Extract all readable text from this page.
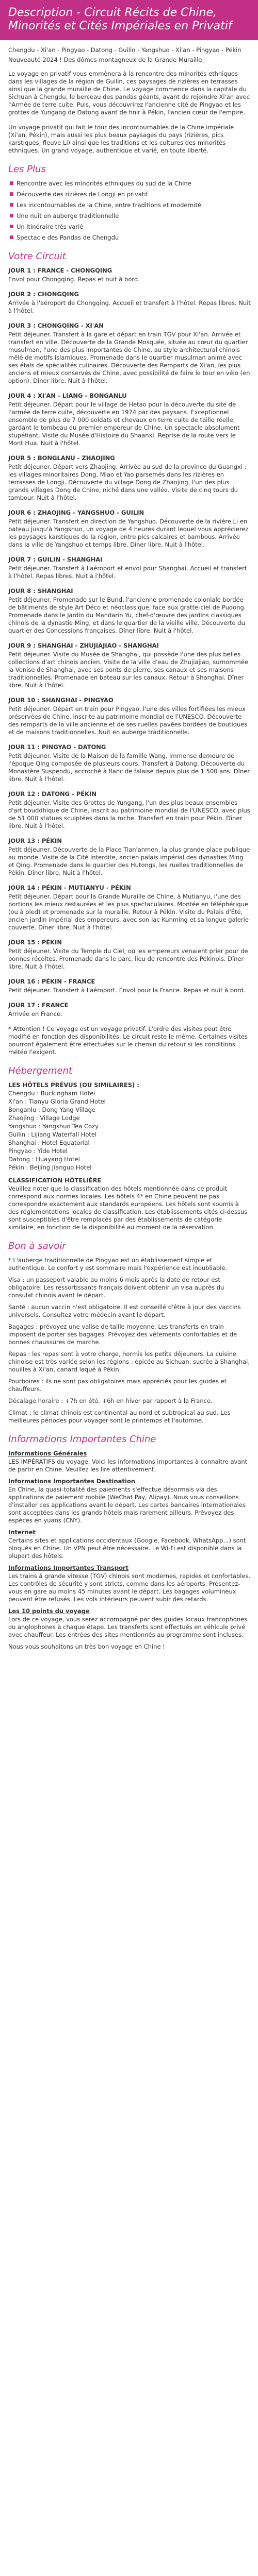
Description - Circuit Récits de Chine, Minorités et Cités Impériales en Privatif
Chengdu - Xi'an - Pingyao - Datong - Guilin - Yangshuo - Xi'an - Pingyao - Pékin
Nouveauté 2024 ! Des dômes montagneux de la Grande Muraille.

Le voyage en privatif vous emmènera à la rencontre des minorités ethniques dans les villages de la région de Guilin, ces paysages de rizières en terrasses ainsi que la grande muraille de Chine. Le voyage commence dans la capitale du Sichuan à Chengdu, le berceau des pandas géants, avant de rejoindre Xi'an avec l'Armée de terre cuite. Puis, vous découvrirez l'ancienne cité de Pingyao et les grottes de Yungang de Datong avant de finir à Pékin, l'ancien cœur de l'empire.

Un voyage privatif qui fait le tour des incontournables de la Chine impériale (Xi'an, Pékin), mais aussi les plus beaux paysages du pays (rizières, pics karstiques, fleuve Li) ainsi que les traditions et les cultures des minorités ethniques. Un grand voyage, authentique et varié, en toute liberté.

Les Plus
■ Rencontre avec les minorités ethniques du sud de la Chine
■ Découverte des rizières de Longji en privatif
■ Les incontournables de la Chine, entre traditions et modernité
■ Une nuit en auberge traditionnelle
■ Un itinéraire très varié
■ Spectacle des Pandas de Chengdu
Votre Circuit
JOUR 1 : FRANCE - CHONGQING

Envol pour Chongqing. Repas et nuit à bord.

JOUR 2 : CHONGQING

Arrivée à l'aéroport de Chongqing. Accueil et transfert à l'hôtel. Repas libres. Nuit à l'hôtel.

JOUR 3 : CHONGQING - XI'AN

Petit déjeuner. Transfert à la gare et départ en train TGV pour Xi'an. Arrivée et transfert en ville. Découverte de la Grande Mosquée, située au cœur du quartier musulman, l'une des plus importantes de Chine, au style architectural chinois mêlé de motifs islamiques. Promenade dans le quartier musulman animé avec ses étals de spécialités culinaires. Découverte des Remparts de Xi'an, les plus anciens et mieux conservés de Chine, avec possibilité de faire le tour en vélo (en option). Dîner libre. Nuit à l'hôtel.

JOUR 4 : XI'AN - LIANG - BONGANLU

Petit déjeuner. Départ pour le village de Hetao pour la découverte du site de l'armée de terre cuite, découverte en 1974 par des paysans. Exceptionnel ensemble de plus de 7 000 soldats et chevaux en terre cuite de taille réelle, gardant le tombeau du premier empereur de Chine. Un spectacle absolument stupéfiant. Visite du Musée d'Histoire du Shaanxi. Reprise de la route vers le Mont Hua. Nuit à l'hôtel.

JOUR 5 : BONGLANU - ZHAOJING

Petit déjeuner. Départ vers Zhaojing. Arrivée au sud de la province du Guangxi : les villages minoritaires Dong, Miao et Yao parsemés dans les rizières en terrasses de Longji. Découverte du village Dong de Zhaojing, l'un des plus grands villages Dong de Chine, niché dans une vallée. Visite de cinq tours du tambour. Nuit à l'hôtel.

JOUR 6 : ZHAOJING - YANGSHUO - GUILIN

Petit déjeuner. Transfert en direction de Yangshuo. Découverte de la rivière Li en bateau jusqu'à Yangshuo, un voyage de 4 heures durant lequel vous apprécierez les paysages karstiques de la région, entre pics calcaires et bambous. Arrivée dans la ville de Yangshuo et temps libre. Dîner libre. Nuit à l'hôtel.

JOUR 7 : GUILIN - SHANGHAI

Petit déjeuner. Transfert à l'aéroport et envol pour Shanghai. Accueil et transfert à l'hôtel. Repas libres. Nuit à l'hôtel.

JOUR 8 : SHANGHAI

Petit déjeuner. Promenade sur le Bund, l'ancienne promenade coloniale bordée de bâtiments de style Art Déco et néoclassique, face aux gratte-ciel de Pudong. Promenade dans le Jardin du Mandarin Yu, chef-d'œuvre des jardins classiques chinois de la dynastie Ming, et dans le quartier de la vieille ville. Découverte du quartier des Concessions françaises. Dîner libre. Nuit à l'hôtel.

JOUR 9 : SHANGHAI - ZHUJIAJIAO - SHANGHAI

Petit déjeuner. Visite du Musée de Shanghai, qui possède l'une des plus belles collections d'art chinois ancien. Visite de la ville d'eau de Zhujiajiao, surnommée la Venise de Shanghai, avec ses ponts de pierre, ses canaux et ses maisons traditionnelles. Promenade en bateau sur les canaux. Retour à Shanghai. Dîner libre. Nuit à l'hôtel.

JOUR 10 : SHANGHAI - PINGYAO

Petit déjeuner. Départ en train pour Pingyao, l'une des villes fortifiées les mieux préservées de Chine, inscrite au patrimoine mondial de l'UNESCO. Découverte des remparts de la ville ancienne et de ses ruelles pavées bordées de boutiques et de maisons traditionnelles. Nuit en auberge traditionnelle.

JOUR 11 : PINGYAO - DATONG

Petit déjeuner. Visite de la Maison de la famille Wang, immense demeure de l'époque Qing composée de plusieurs cours. Transfert à Datong. Découverte du Monastère Suspendu, accroché à flanc de falaise depuis plus de 1 500 ans. Dîner libre. Nuit à l'hôtel.

JOUR 12 : DATONG - PÉKIN

Petit déjeuner. Visite des Grottes de Yungang, l'un des plus beaux ensembles d'art bouddhique de Chine, inscrit au patrimoine mondial de l'UNESCO, avec plus de 51 000 statues sculptées dans la roche. Transfert en train pour Pékin. Dîner libre. Nuit à l'hôtel.

JOUR 13 : PÉKIN

Petit déjeuner. Découverte de la Place Tian'anmen, la plus grande place publique au monde. Visite de la Cité Interdite, ancien palais impérial des dynasties Ming et Qing. Promenade dans le quartier des Hutongs, les ruelles traditionnelles de Pékin. Dîner libre. Nuit à l'hôtel.

JOUR 14 : PÉKIN - MUTIANYU - PÉKIN

Petit déjeuner. Départ pour la Grande Muraille de Chine, à Mutianyu, l'une des portions les mieux restaurées et les plus spectaculaires. Montée en téléphérique (ou à pied) et promenade sur la muraille. Retour à Pékin. Visite du Palais d'Été, ancien jardin impérial des empereurs, avec son lac Kunming et sa longue galerie couverte. Dîner libre. Nuit à l'hôtel.

JOUR 15 : PÉKIN

Petit déjeuner. Visite du Temple du Ciel, où les empereurs venaient prier pour de bonnes récoltes. Promenade dans le parc, lieu de rencontre des Pékinois. Dîner libre. Nuit à l'hôtel.

JOUR 16 : PÉKIN - FRANCE

Petit déjeuner. Transfert à l'aéroport. Envol pour la France. Repas et nuit à bord.

JOUR 17 : FRANCE

Arrivée en France.

* Attention ! Ce voyage est un voyage privatif. L'ordre des visites peut être modifié en fonction des disponibilités. Le circuit reste le même. Certaines visites pourront également être effectuées sur le chemin du retour si les conditions météo l'exigent.

Hébergement
LES HÔTELS PRÉVUS (OU SIMILAIRES) :
Chengdu : Buckingham Hotel
Xi'an : Tianyu Gloria Grand Hotel
Bonganlu : Dong Yang Village
Zhaojing : Village Lodge
Yangshuo : Yangshuo Tea Cozy
Guilin : Lijiang Waterfall Hotel
Shanghai : Hotel Equatorial
Pingyao : Yide Hotel
Datong : Huayang Hotel
Pékin : Beijing Jianguo Hotel
CLASSIFICATION HÔTELIÈRE

Veuillez noter que la classification des hôtels mentionnée dans ce produit correspond aux normes locales. Les hôtels 4* en Chine peuvent ne pas correspondre exactement aux standards européens. Les hôtels sont soumis à des réglementations locales de classification. Les établissements cités ci-dessus sont susceptibles d'être remplacés par des établissements de catégorie similaire, en fonction de la disponibilité au moment de la réservation.

Bon à savoir

* L'auberge traditionnelle de Pingyao est un établissement simple et authentique. Le confort y est sommaire mais l'expérience est inoubliable.

Visa : un passeport valable au moins 6 mois après la date de retour est obligatoire. Les ressortissants français doivent obtenir un visa auprès du consulat chinois avant le départ.

Santé : aucun vaccin n'est obligatoire. Il est conseillé d'être à jour des vaccins universels. Consultez votre médecin avant le départ.

Bagages : prévoyez une valise de taille moyenne. Les transferts en train imposent de porter ses bagages. Prévoyez des vêtements confortables et de bonnes chaussures de marche.

Repas : les repas sont à votre charge, hormis les petits déjeuners. La cuisine chinoise est très variée selon les régions : épicée au Sichuan, sucrée à Shanghai, nouilles à Xi'an, canard laqué à Pékin.

Pourboires : ils ne sont pas obligatoires mais appréciés pour les guides et chauffeurs.

Décalage horaire : +7h en été, +6h en hiver par rapport à la France.

Climat : le climat chinois est continental au nord et subtropical au sud. Les meilleures périodes pour voyager sont le printemps et l'automne.

Informations Importantes Chine
Informations Générales

LES IMPÉRATIFS du voyage. Voici les informations importantes à connaître avant de partir en Chine. Veuillez les lire attentivement.

Informations Importantes Destination

En Chine, la quasi-totalité des paiements s'effectue désormais via des applications de paiement mobile (WeChat Pay, Alipay). Nous vous conseillons d'installer ces applications avant le départ. Les cartes bancaires internationales sont acceptées dans les grands hôtels mais rarement ailleurs. Prévoyez des espèces en yuans (CNY).

Internet

Certains sites et applications occidentaux (Google, Facebook, WhatsApp...) sont bloqués en Chine. Un VPN peut être nécessaire. Le Wi-Fi est disponible dans la plupart des hôtels.

Informations Importantes Transport

Les trains à grande vitesse (TGV) chinois sont modernes, rapides et confortables. Les contrôles de sécurité y sont stricts, comme dans les aéroports. Présentez-vous en gare au moins 45 minutes avant le départ. Les bagages volumineux peuvent être refusés. Les vols intérieurs peuvent subir des retards.

Les 10 points du voyage

Lors de ce voyage, vous serez accompagné par des guides locaux francophones ou anglophones à chaque étape. Les transferts sont effectués en véhicule privé avec chauffeur. Les entrées des sites mentionnés au programme sont incluses.

Nous vous souhaitons un très bon voyage en Chine !
